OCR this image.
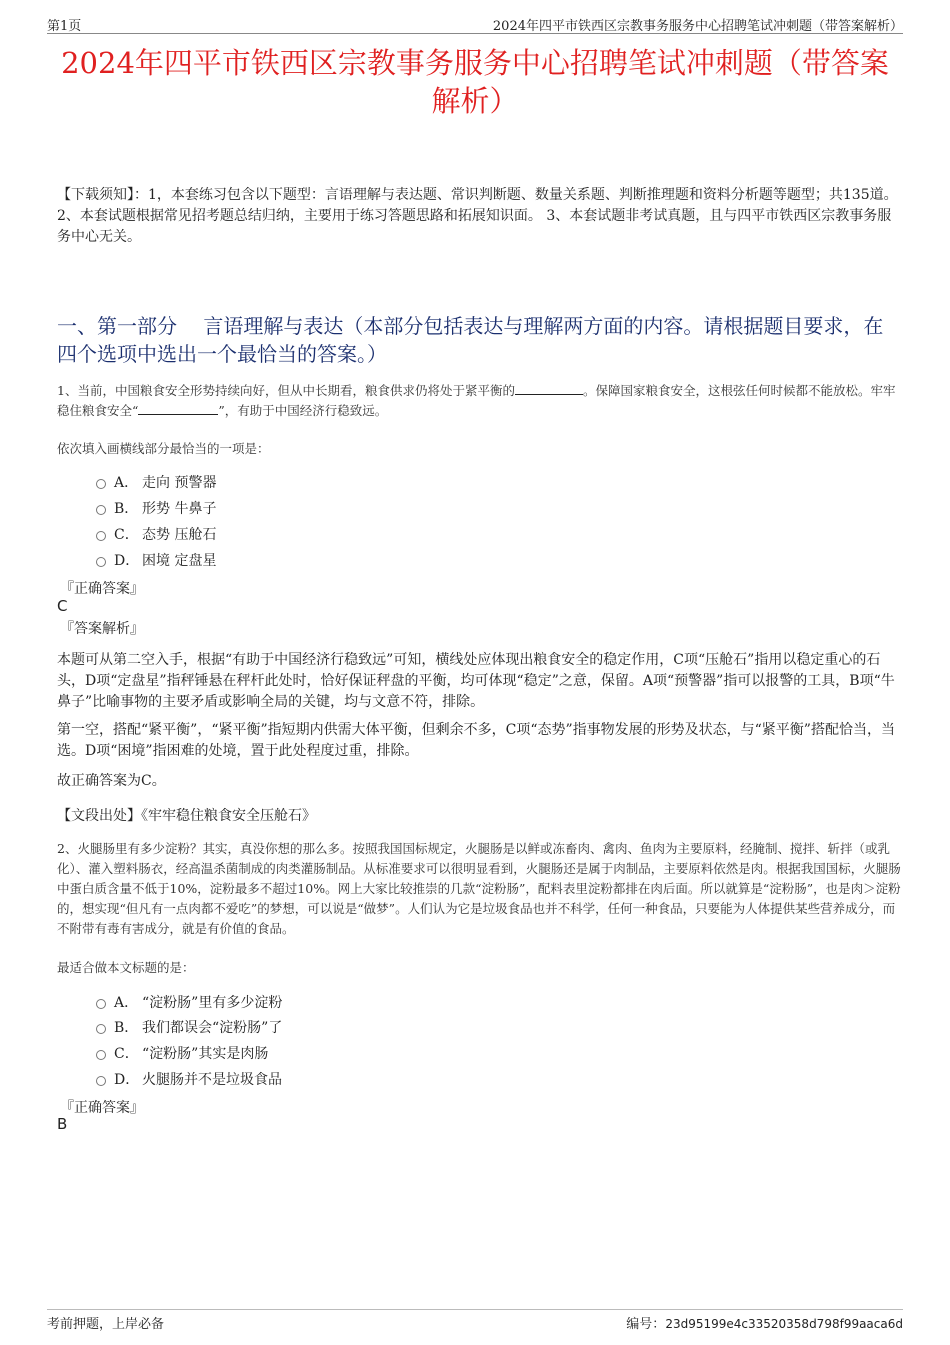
第1页	2024年四平市铁西区宗教事务服务中心招聘笔试冲刺题（带答案解析）
2024年四平市铁西区宗教事务服务中心招聘笔试冲刺题（带答案解析）
【下载须知】：1，本套练习包含以下题型：言语理解与表达题、常识判断题、数量关系题、判断推理题和资料分析题等题型；共135道。 2、本套试题根据常见招考题总结归纳，主要用于练习答题思路和拓展知识面。 3、本套试题非考试真题，且与四平市铁西区宗教事务服务中心无关。
一、第一部分　 言语理解与表达（本部分包括表达与理解两方面的内容。请根据题目要求，在四个选项中选出一个最恰当的答案。）
1、当前，中国粮食安全形势持续向好，但从中长期看，粮食供求仍将处于紧平衡的	。保障国家粮食安全，这根弦任何时候都不能放松。牢牢稳住粮食安全“	”，有助于中国经济行稳致远。
依次填入画横线部分最恰当的一项是：
A． 走向 预警器
B． 形势 牛鼻子
C． 态势 压舱石
D． 困境 定盘星
『正确答案』
C
『答案解析』
本题可从第二空入手，根据“有助于中国经济行稳致远”可知，横线处应体现出粮食安全的稳定作用，C项“压舱石”指用以稳定重心的石头，D项“定盘星”指秤锤悬在秤杆此处时，恰好保证秤盘的平衡，均可体现“稳定”之意，保留。A项“预警器”指可以报警的工具，B项“牛鼻子”比喻事物的主要矛盾或影响全局的关键，均与文意不符，排除。
第一空，搭配“紧平衡”，“紧平衡”指短期内供需大体平衡，但剩余不多，C项“态势”指事物发展的形势及状态，与“紧平衡”搭配恰当，当选。D项“困境”指困难的处境，置于此处程度过重，排除。
故正确答案为C。
【文段出处】《牢牢稳住粮食安全压舱石》
2、火腿肠里有多少淀粉？其实，真没你想的那么多。按照我国国标规定，火腿肠是以鲜或冻畜肉、禽肉、鱼肉为主要原料，经腌制、搅拌、斩拌（或乳化）、灌入塑料肠衣，经高温杀菌制成的肉类灌肠制品。从标准要求可以很明显看到，火腿肠还是属于肉制品，主要原料依然是肉。根据我国国标，火腿肠中蛋白质含量不低于10%，淀粉最多不超过10%。网上大家比较推崇的几款“淀粉肠”，配料表里淀粉都排在肉后面。所以就算是“淀粉肠”，也是肉＞淀粉的，想实现“但凡有一点肉都不爱吃”的梦想，可以说是“做梦”。人们认为它是垃圾食品也并不科学，任何一种食品，只要能为人体提供某些营养成分，而不附带有毒有害成分，就是有价值的食品。
最适合做本文标题的是：
A． “淀粉肠”里有多少淀粉
B． 我们都误会“淀粉肠”了
C． “淀粉肠”其实是肉肠
D． 火腿肠并不是垃圾食品
『正确答案』
B
考前押题，上岸必备	编号：23d95199e4c33520358d798f99aaca6d
